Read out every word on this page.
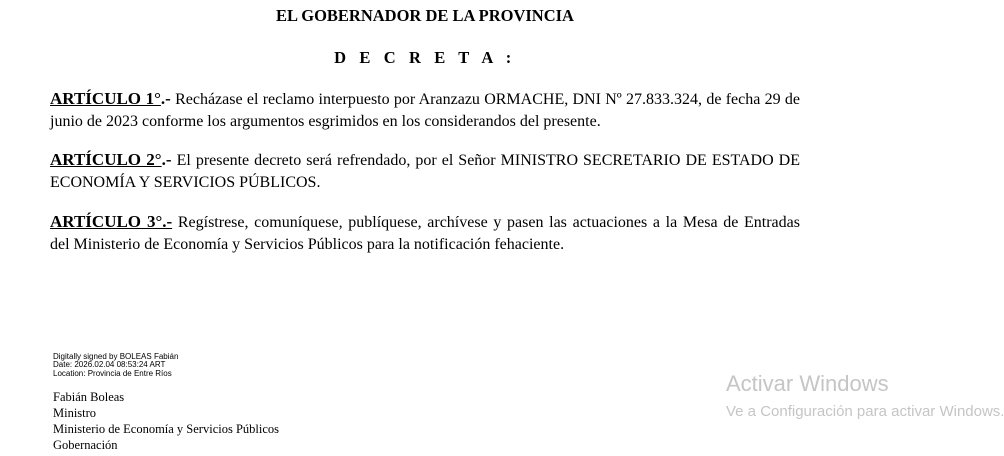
EL GOBERNADOR DE LA PROVINCIA
D E C R E T A :

ARTÍCULO 1°.- Recházase el reclamo interpuesto por Aranzazu ORMACHE, DNI Nº 27.833.324, de fecha 29 de junio de 2023 conforme los argumentos esgrimidos en los considerandos del presente.

ARTÍCULO 2°.- El presente decreto será refrendado, por el Señor MINISTRO SECRETARIO DE ESTADO DE ECONOMÍA Y SERVICIOS PÚBLICOS.

ARTÍCULO 3°.- Regístrese, comuníquese, publíquese, archívese y pasen las actuaciones a la Mesa de Entradas del Ministerio de Economía y Servicios Públicos para la notificación fehaciente.

Digitally signed by BOLEAS Fabián
Date: 2026.02.04 08:53:24 ART
Location: Provincia de Entre Ríos
Fabián Boleas
Ministro
Ministerio de Economía y Servicios Públicos
Gobernación
Activar Windows
Ve a Configuración para activar Windows.
